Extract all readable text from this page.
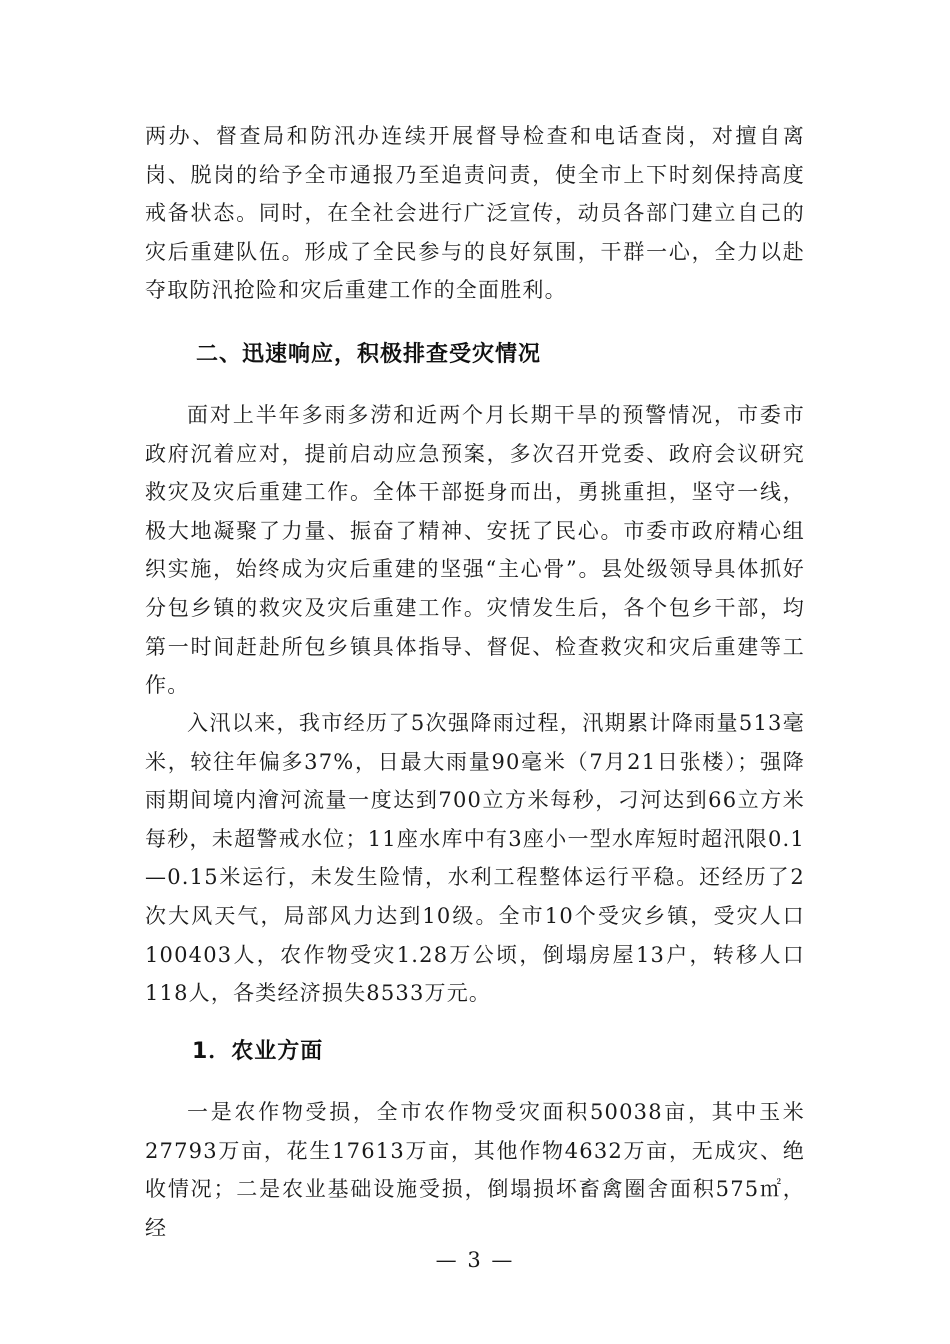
两办、督查局和防汛办连续开展督导检查和电话查岗，对擅自离岗、脱岗的给予全市通报乃至追责问责，使全市上下时刻保持高度戒备状态。同时，在全社会进行广泛宣传，动员各部门建立自己的灾后重建队伍。形成了全民参与的良好氛围，干群一心，全力以赴夺取防汛抢险和灾后重建工作的全面胜利。

二、迅速响应，积极排查受灾情况

面对上半年多雨多涝和近两个月长期干旱的预警情况，市委市政府沉着应对，提前启动应急预案，多次召开党委、政府会议研究救灾及灾后重建工作。全体干部挺身而出，勇挑重担，坚守一线，极大地凝聚了力量、振奋了精神、安抚了民心。市委市政府精心组织实施，始终成为灾后重建的坚强“主心骨”。县处级领导具体抓好分包乡镇的救灾及灾后重建工作。灾情发生后，各个包乡干部，均第一时间赶赴所包乡镇具体指导、督促、检查救灾和灾后重建等工作。

入汛以来，我市经历了5次强降雨过程，汛期累计降雨量513毫米，较往年偏多37%，日最大雨量90毫米（7月21日张楼）；强降雨期间境内澮河流量一度达到700立方米每秒，刁河达到66立方米每秒，未超警戒水位；11座水库中有3座小一型水库短时超汛限0.1—0.15米运行，未发生险情，水利工程整体运行平稳。还经历了2次大风天气，局部风力达到10级。全市10个受灾乡镇，受灾人口100403人，农作物受灾1.28万公顷，倒塌房屋13户，转移人口118人，各类经济损失8533万元。

1．农业方面

一是农作物受损，全市农作物受灾面积50038亩，其中玉米27793万亩，花生17613万亩，其他作物4632万亩，无成灾、绝收情况；二是农业基础设施受损，倒塌损坏畜禽圈舍面积575㎡，经

— 3 —
